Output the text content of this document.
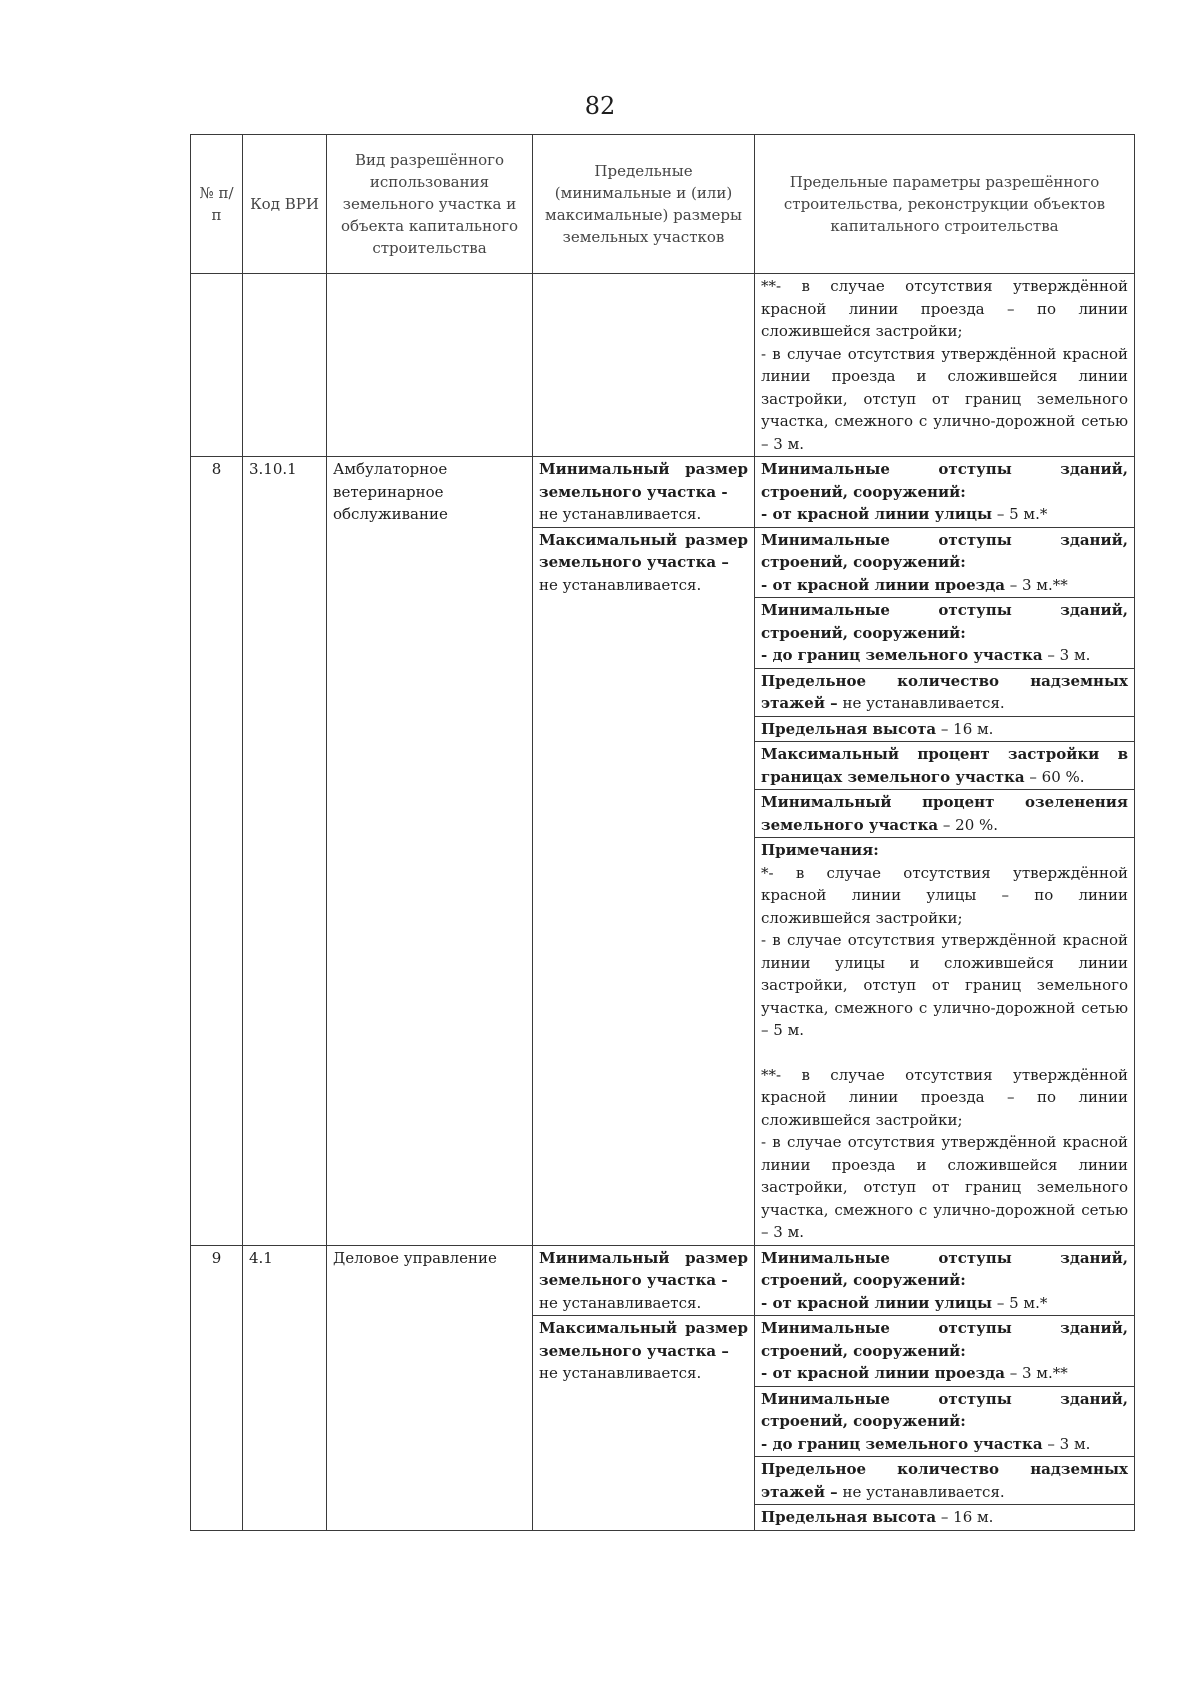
82
№ п/п	Код ВРИ	Вид разрешённого использования земельного участка и объекта капитального строительства	Предельные (минимальные и (или) максимальные) размеры земельных участков	Предельные параметры разрешённого строительства, реконструкции объектов капитального строительства

				**- в случае отсутствия утверждённой красной линии проезда – по линии сложившейся застройки;
- в случае отсутствия утверждённой красной линии проезда и сложившейся линии застройки, отступ от границ земельного участка, смежного с улично-дорожной сетью – 3 м.

8	3.10.1	Амбулаторное ветеринарное обслуживание	Минимальный размер земельного участка -
не устанавливается.	Минимальные отступы зданий, строений, сооружений:
- от красной линии улицы – 5 м.*
			Максимальный размер земельного участка –
не устанавливается.	Минимальные отступы зданий, строений, сооружений:
- от красной линии проезда – 3 м.**
				Минимальные отступы зданий, строений, сооружений:
- до границ земельного участка – 3 м.
				Предельное количество надземных этажей – не устанавливается.
				Предельная высота – 16 м.
				Максимальный процент застройки в границах земельного участка – 60 %.
				Минимальный процент озеленения земельного участка – 20 %.

				Примечания:
*- в случае отсутствия утверждённой красной линии улицы – по линии сложившейся застройки;
- в случае отсутствия утверждённой красной линии улицы и сложившейся линии застройки, отступ от границ земельного участка, смежного с улично-дорожной сетью – 5 м.
**- в случае отсутствия утверждённой красной линии проезда – по линии сложившейся застройки;
- в случае отсутствия утверждённой красной линии проезда и сложившейся линии застройки, отступ от границ земельного участка, смежного с улично-дорожной сетью – 3 м.

9	4.1	Деловое управление	Минимальный размер земельного участка -
не устанавливается.	Минимальные отступы зданий, строений, сооружений:
- от красной линии улицы – 5 м.*
			Максимальный размер земельного участка –
не устанавливается.	Минимальные отступы зданий, строений, сооружений:
- от красной линии проезда – 3 м.**
				Минимальные отступы зданий, строений, сооружений:
- до границ земельного участка – 3 м.
				Предельное количество надземных этажей – не устанавливается.
				Предельная высота – 16 м.
